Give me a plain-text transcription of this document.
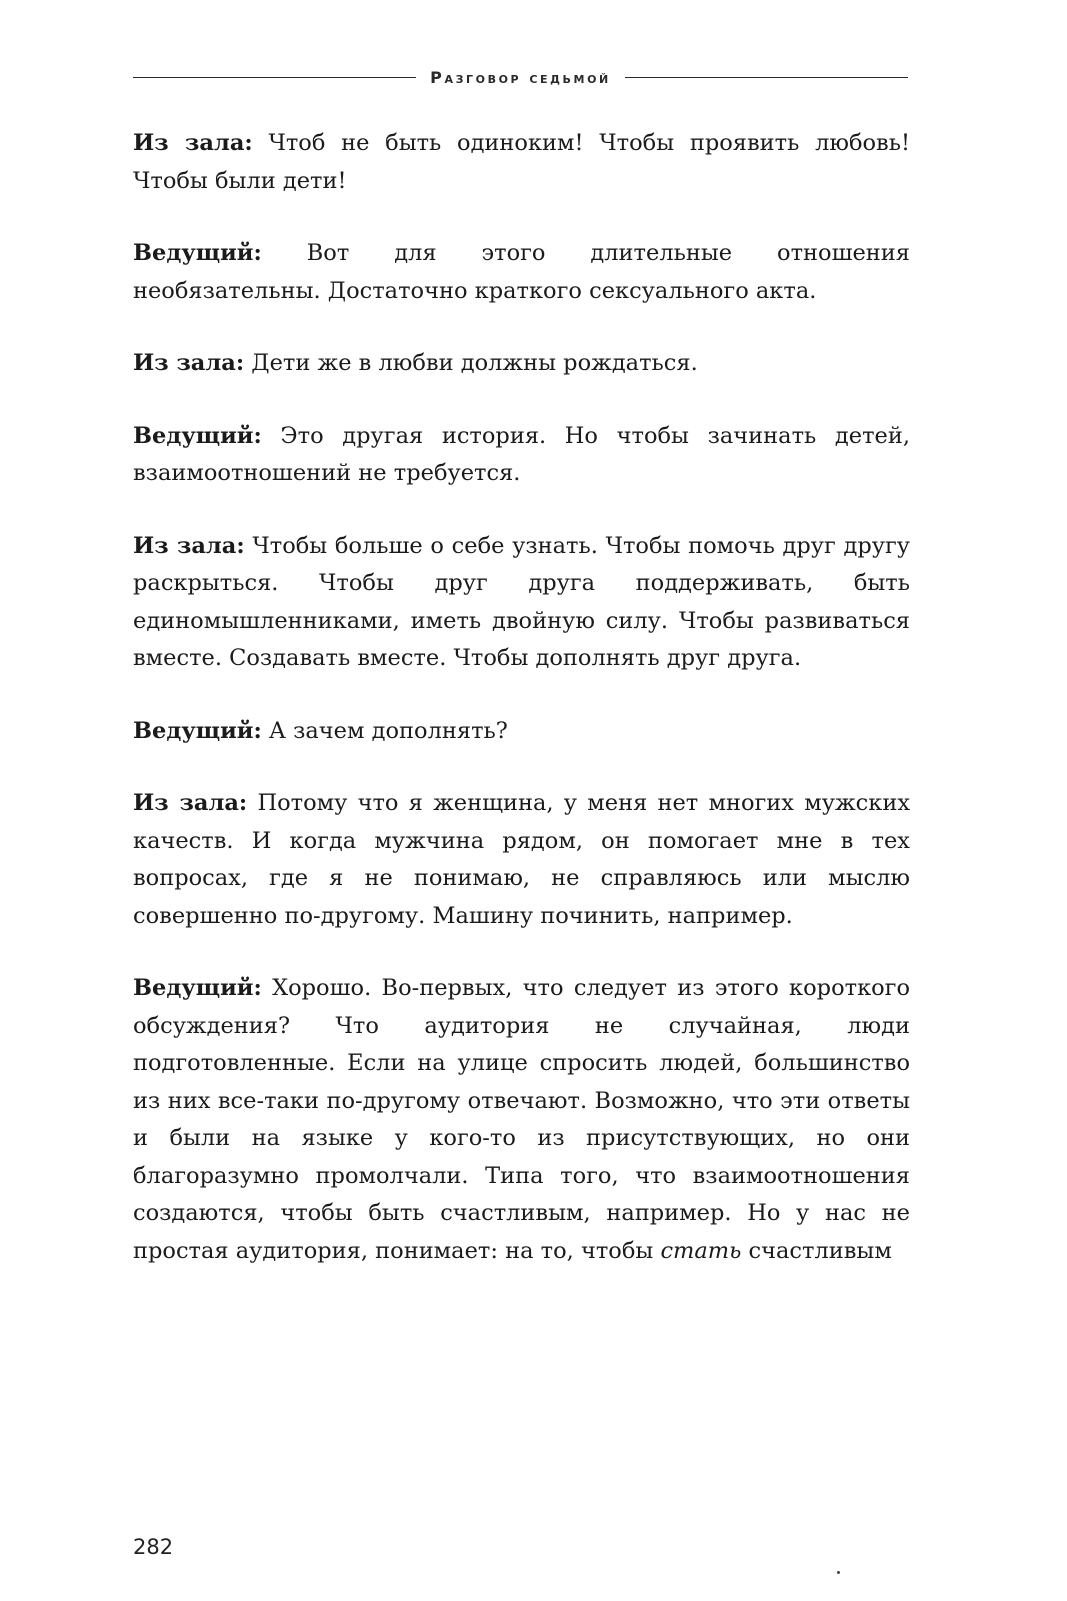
Разговор седьмой

Из зала: Чтоб не быть одиноким! Чтобы проявить любовь! Чтобы были дети!

Ведущий: Вот для этого длительные отношения необязательны. Достаточно краткого сексуального акта.

Из зала: Дети же в любви должны рождаться.

Ведущий: Это другая история. Но чтобы зачинать детей, взаимоотношений не требуется.

Из зала: Чтобы больше о себе узнать. Чтобы помочь друг другу раскрыться. Чтобы друг друга поддерживать, быть единомышленниками, иметь двойную силу. Чтобы развиваться вместе. Создавать вместе. Чтобы дополнять друг друга.

Ведущий: А зачем дополнять?

Из зала: Потому что я женщина, у меня нет многих мужских качеств. И когда мужчина рядом, он помогает мне в тех вопросах, где я не понимаю, не справляюсь или мыслю совершенно по-другому. Машину починить, например.

Ведущий: Хорошо. Во-первых, что следует из этого короткого обсуждения? Что аудитория не случайная, люди подготовленные. Если на улице спросить людей, большинство из них все-таки по-другому отвечают. Возможно, что эти ответы и были на языке у кого-то из присутствующих, но они благоразумно промолчали. Типа того, что взаимоотношения создаются, чтобы быть счастливым, например. Но у нас не простая аудитория, понимает: на то, чтобы стать счастливым

282
